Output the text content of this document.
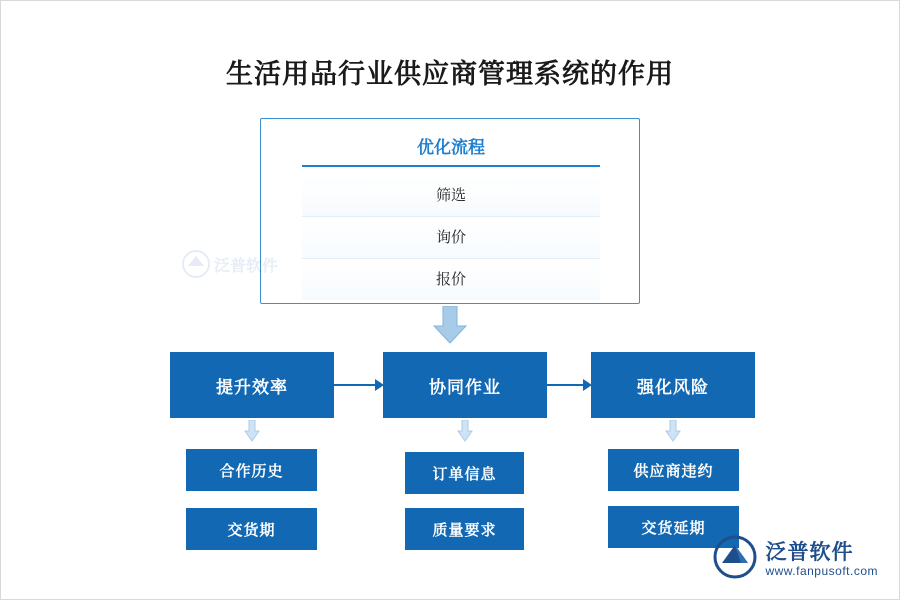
生活用品行业供应商管理系统的作用
优化流程
筛选
询价
报价
泛普软件
提升效率	协同作业	强化风险
合作历史
交货期
订单信息
质量要求
供应商违约
交货延期
泛普软件
www.fanpusoft.com
